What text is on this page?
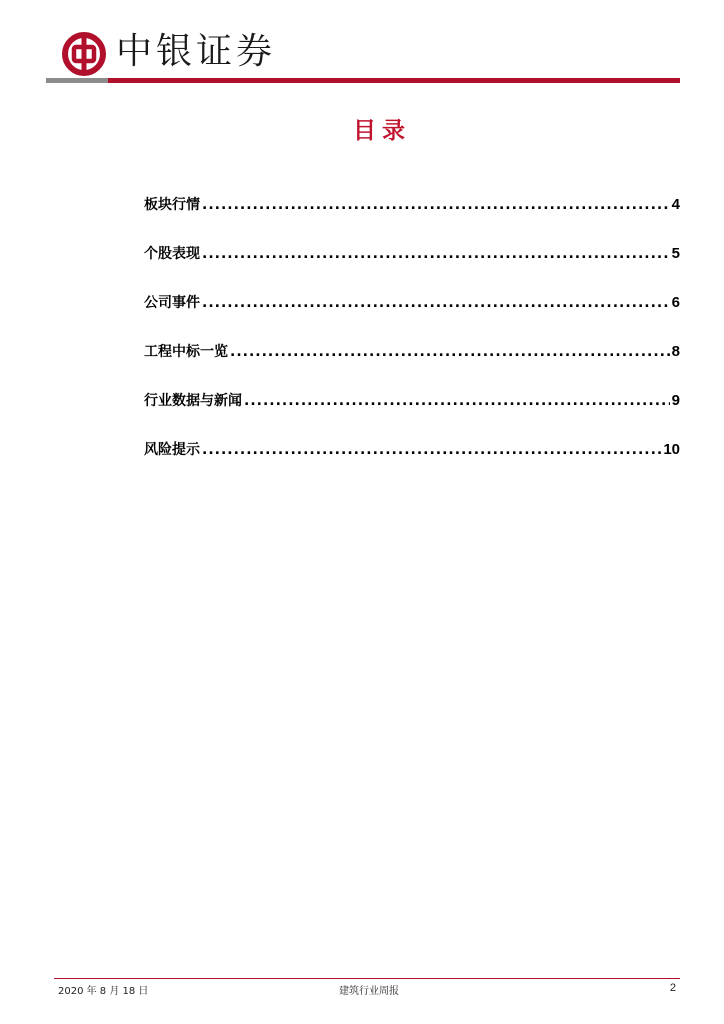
中银证券
目录
板块行情 .....	4
个股表现 .....	5
公司事件 .....	6
工程中标一览 .....	8
行业数据与新闻 .....	9
风险提示 .....	10
2020 年 8 月 18 日	建筑行业周报	2
